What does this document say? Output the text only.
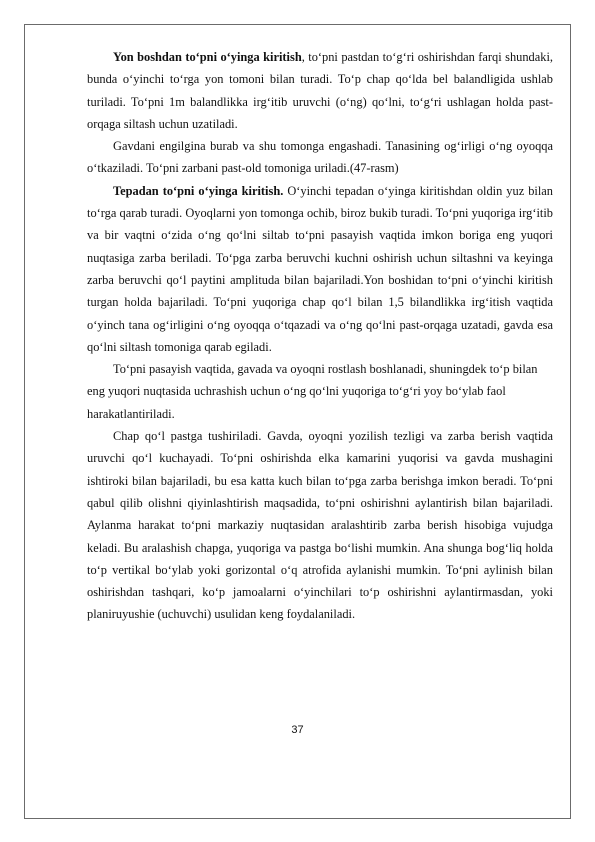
Yon boshdan to‘pni o‘yinga kiritish, to‘pni pastdan to‘g‘ri oshirishdan farqi shundaki, bunda o‘yinchi to‘rga yon tomoni bilan turadi. To‘p chap qo‘lda bel balandligida ushlab turiladi. To‘pni 1m balandlikka irg‘itib uruvchi (o‘ng) qo‘lni, to‘g‘ri ushlagan holda past-orqaga siltash uchun uzatiladi.

Gavdani engilgina burab va shu tomonga engashadi. Tanasining og‘irligi o‘ng oyoqqa o‘tkaziladi. To‘pni zarbani past-old tomoniga uriladi.(47-rasm)

Tepadan to‘pni o‘yinga kiritish. O‘yinchi tepadan o‘yinga kiritishdan oldin yuz bilan to‘rga qarab turadi. Oyoqlarni yon tomonga ochib, biroz bukib turadi. To‘pni yuqoriga irg‘itib va bir vaqtni o‘zida o‘ng qo‘lni siltab to‘pni pasayish vaqtida imkon boriga eng yuqori nuqtasiga zarba beriladi. To‘pga zarba beruvchi kuchni oshirish uchun siltashni va keyinga zarba beruvchi qo‘l paytini amplituda bilan bajariladi.Yon boshidan to‘pni o‘yinchi kiritish turgan holda bajariladi. To‘pni yuqoriga chap qo‘l bilan 1,5 bilandlikka irg‘itish vaqtida o‘yinch tana og‘irligini o‘ng oyoqqa o‘tqazadi va o‘ng qo‘lni past-orqaga uzatadi, gavda esa qo‘lni siltash tomoniga qarab egiladi.

To‘pni pasayish vaqtida, gavada va oyoqni rostlash boshlanadi, shuningdek to‘p bilan eng yuqori nuqtasida uchrashish uchun o‘ng qo‘lni yuqoriga to‘g‘ri yoy bo‘ylab faol harakatlantiriladi.

Chap qo‘l pastga tushiriladi. Gavda, oyoqni yozilish tezligi va zarba berish vaqtida uruvchi qo‘l kuchayadi. To‘pni oshirishda elka kamarini yuqorisi va gavda mushagini ishtiroki bilan bajariladi, bu esa katta kuch bilan to‘pga zarba berishga imkon beradi. To‘pni qabul qilib olishni qiyinlashtirish maqsadida, to‘pni oshirishni aylantirish bilan bajariladi. Aylanma harakat to‘pni markaziy nuqtasidan aralashtirib zarba berish hisobiga vujudga keladi. Bu aralashish chapga, yuqoriga va pastga bo‘lishi mumkin. Ana shunga bog‘liq holda to‘p vertikal bo‘ylab yoki gorizontal o‘q atrofida aylanishi mumkin. To‘pni aylinish bilan oshirishdan tashqari, ko‘p jamoalarni o‘yinchilari to‘p oshirishni aylantirmasdan, yoki planiruyushie (uchuvchi) usulidan keng foydalaniladi.

37
